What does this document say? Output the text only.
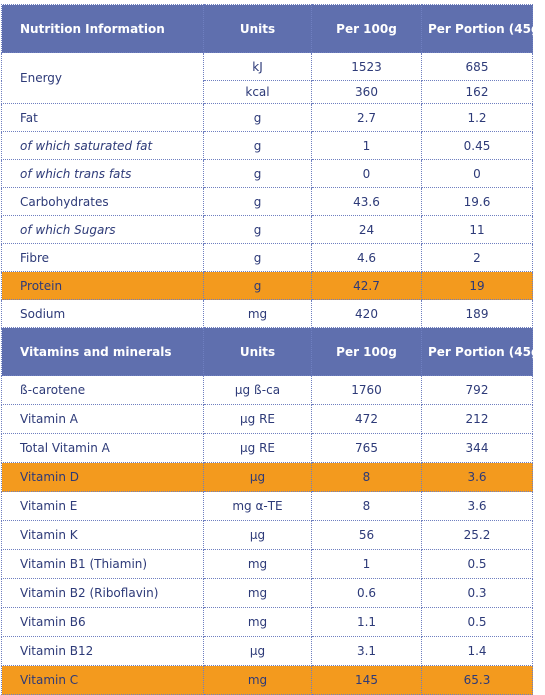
Nutrition Information	Units	Per 100g	Per Portion (45g)
Energy	kJ	1523	685
	kcal	360	162
Fat	g	2.7	1.2
of which saturated fat	g	1	0.45
of which trans fats	g	0	0
Carbohydrates	g	43.6	19.6
of which Sugars	g	24	11
Fibre	g	4.6	2
Protein	g	42.7	19
Sodium	mg	420	189
Vitamins and minerals	Units	Per 100g	Per Portion (45g)
ß-carotene	µg ß-ca	1760	792
Vitamin A	µg RE	472	212
Total Vitamin A	µg RE	765	344
Vitamin D	µg	8	3.6
Vitamin E	mg α-TE	8	3.6
Vitamin K	µg	56	25.2
Vitamin B1 (Thiamin)	mg	1	0.5
Vitamin B2 (Riboflavin)	mg	0.6	0.3
Vitamin B6	mg	1.1	0.5
Vitamin B12	µg	3.1	1.4
Vitamin C	mg	145	65.3
